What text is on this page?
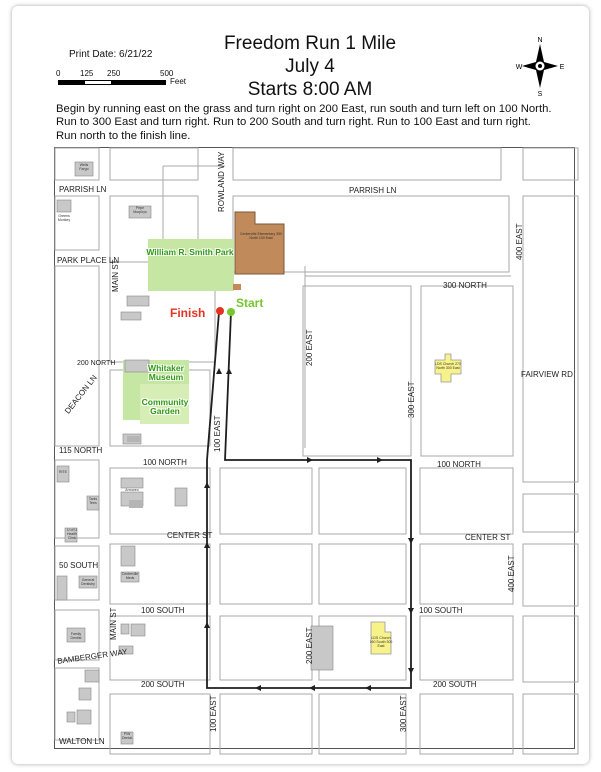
Print Date: 6/21/22
0 125 250	500
Feet
Freedom Run 1 Mile
July 4
Starts 8:00 AM
N
S
W	E
Begin by running east on the grass and turn right on 200 East, run south and turn left on 100 North.
Run to 300 East and turn right. Run to 200 South and turn right. Run to 100 East and turn right.
Run north to the finish line.
Finish
Start
PARRISH LN	PARRISH LN
ROWLAND WAY
PARK PLACE LN
MAIN ST	300 NORTH
400 EAST
200 NORTH
DEACON LN
200 EAST
300 EAST
FAIRVIEW RD
100 EAST
115 NORTH
100 NORTH	100 NORTH
CENTER ST	CENTER ST
50 SOUTH
MAIN ST	100 SOUTH	100 SOUTH
400 EAST
200 EAST
BAMBERGER WAY
200 SOUTH	200 SOUTH
100 EAST	300 EAST
WALTON LN
William R. Smith Park
Whitaker Museum
Community Garden
Centerville Elementary 350 North 100 East
LDS Church 270 North 300 East
LDS Church 160 South 300 East
Pepe Murphys
Wells Fargo
Greens Monkey
Armoreo
Tanis Tees
U of U Health Clinic
General Dentistry
Family Dentist
Centerville Meds
RITE
P/W Dental
